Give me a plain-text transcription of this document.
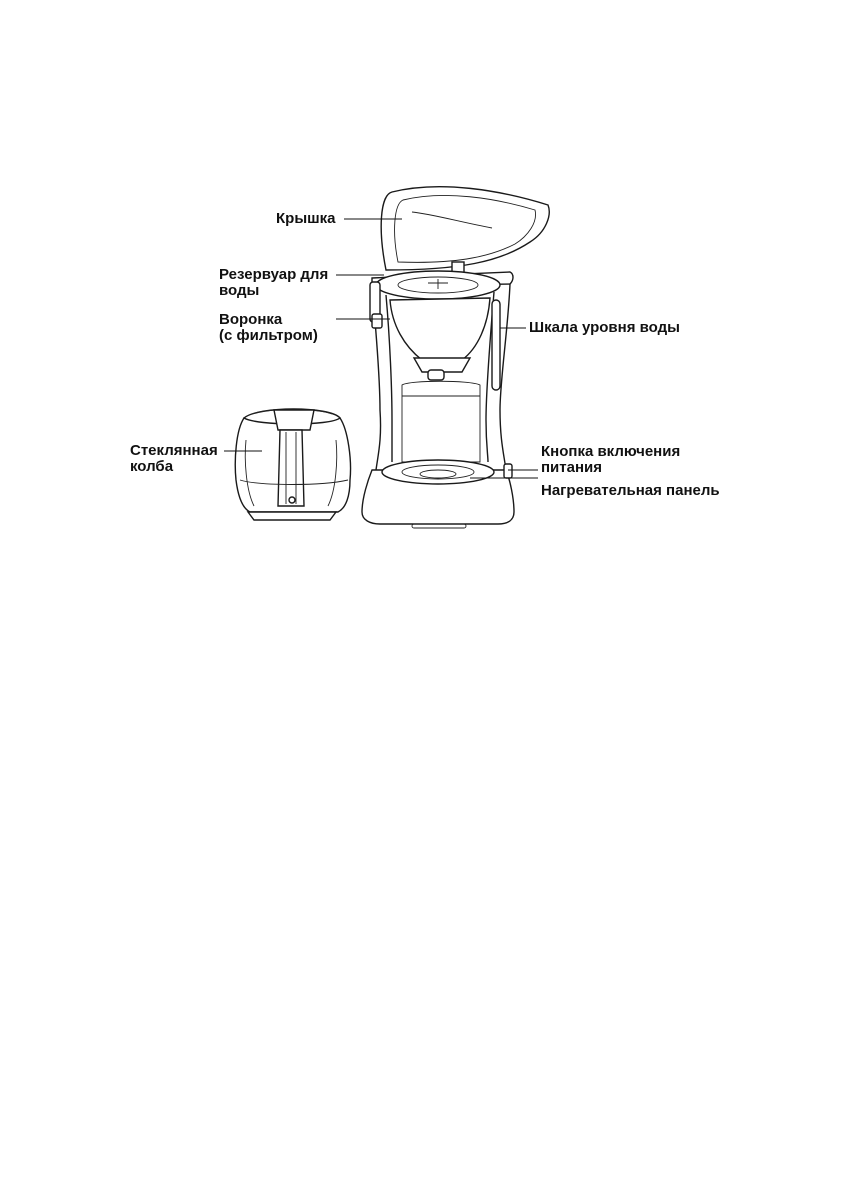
Крышка
Резервуар для
воды
Воронка
(с фильтром)	Шкала уровня воды
Стеклянная
колба
Кнопка включения
питания
Нагревательная панель
